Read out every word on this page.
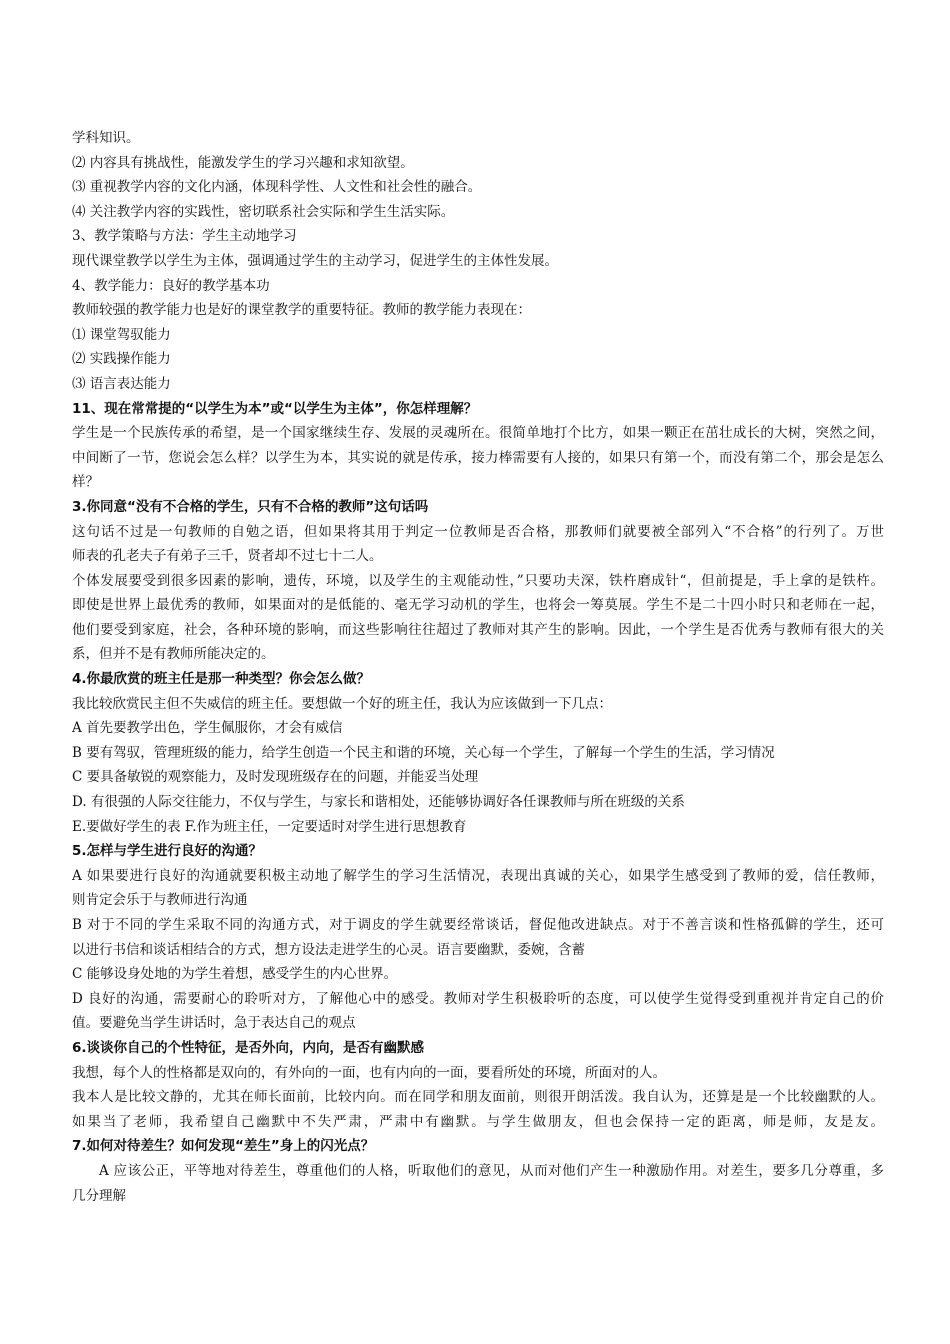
学科知识。
⑵ 内容具有挑战性，能激发学生的学习兴趣和求知欲望。
⑶ 重视教学内容的文化内涵，体现科学性、人文性和社会性的融合。
⑷ 关注教学内容的实践性，密切联系社会实际和学生生活实际。
3、教学策略与方法：学生主动地学习
现代课堂教学以学生为主体，强调通过学生的主动学习，促进学生的主体性发展。
4、教学能力：良好的教学基本功
教师较强的教学能力也是好的课堂教学的重要特征。教师的教学能力表现在：
⑴ 课堂驾驭能力
⑵ 实践操作能力
⑶ 语言表达能力
11、现在常常提的“以学生为本”或“以学生为主体”，你怎样理解？
学生是一个民族传承的希望，是一个国家继续生存、发展的灵魂所在。很简单地打个比方，如果一颗正在茁壮成长的大树，突然之间，
中间断了一节，您说会怎么样？以学生为本，其实说的就是传承，接力棒需要有人接的，如果只有第一个，而没有第二个，那会是怎么
样？
3.你同意“没有不合格的学生，只有不合格的教师”这句话吗
这句话不过是一句教师的自勉之语，但如果将其用于判定一位教师是否合格，那教师们就要被全部列入“不合格”的行列了。万世
师表的孔老夫子有弟子三千，贤者却不过七十二人。
个体发展要受到很多因素的影响，遗传，环境，以及学生的主观能动性，”只要功夫深，铁杵磨成针“，但前提是，手上拿的是铁杵。
即使是世界上最优秀的教师，如果面对的是低能的、毫无学习动机的学生，也将会一筹莫展。学生不是二十四小时只和老师在一起，
他们要受到家庭，社会，各种环境的影响，而这些影响往往超过了教师对其产生的影响。因此，一个学生是否优秀与教师有很大的关
系，但并不是有教师所能决定的。
4.你最欣赏的班主任是那一种类型？你会怎么做？
我比较欣赏民主但不失威信的班主任。要想做一个好的班主任，我认为应该做到一下几点：
A 首先要教学出色，学生佩服你，才会有威信
B 要有驾驭，管理班级的能力，给学生创造一个民主和谐的环境，关心每一个学生，了解每一个学生的生活，学习情况
C 要具备敏锐的观察能力，及时发现班级存在的问题，并能妥当处理
D. 有很强的人际交往能力，不仅与学生，与家长和谐相处，还能够协调好各任课教师与所在班级的关系
E.要做好学生的表 F.作为班主任，一定要适时对学生进行思想教育
5.怎样与学生进行良好的沟通？
A 如果要进行良好的沟通就要积极主动地了解学生的学习生活情况，表现出真诚的关心，如果学生感受到了教师的爱，信任教师，
则肯定会乐于与教师进行沟通
B 对于不同的学生采取不同的沟通方式，对于调皮的学生就要经常谈话，督促他改进缺点。对于不善言谈和性格孤僻的学生，还可
以进行书信和谈话相结合的方式，想方设法走进学生的心灵。语言要幽默，委婉，含蓄
C 能够设身处地的为学生着想，感受学生的内心世界。
D 良好的沟通，需要耐心的聆听对方，了解他心中的感受。教师对学生积极聆听的态度，可以使学生觉得受到重视并肯定自己的价
值。要避免当学生讲话时，急于表达自己的观点
6.谈谈你自己的个性特征，是否外向，内向，是否有幽默感
我想，每个人的性格都是双向的，有外向的一面，也有内向的一面，要看所处的环境，所面对的人。
我本人是比较文静的，尤其在师长面前，比较内向。而在同学和朋友面前，则很开朗活泼。我自认为，还算是是一个比较幽默的人。
如果当了老师，我希望自己幽默中不失严肃，严肃中有幽默。与学生做朋友，但也会保持一定的距离，师是师，友是友。
7.如何对待差生？如何发现“差生”身上的闪光点？
A 应该公正，平等地对待差生，尊重他们的人格，听取他们的意见，从而对他们产生一种激励作用。对差生，要多几分尊重，多
几分理解
